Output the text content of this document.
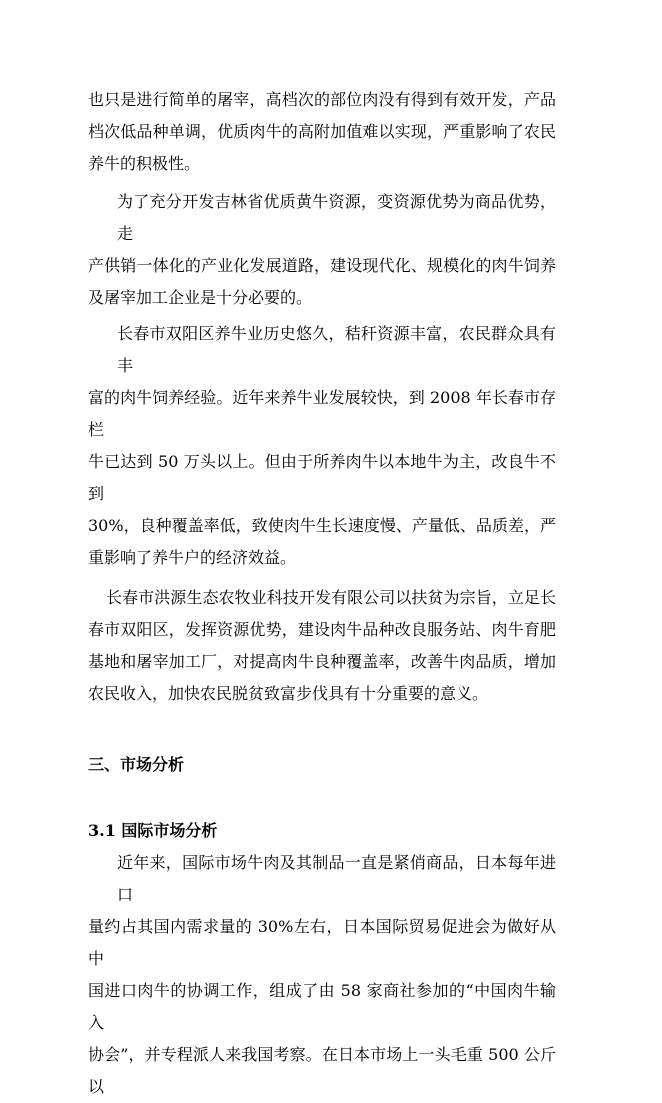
也只是进行简单的屠宰，高档次的部位肉没有得到有效开发，产品
档次低品种单调，优质肉牛的高附加值难以实现，严重影响了农民
养牛的积极性。
为了充分开发吉林省优质黄牛资源，变资源优势为商品优势，走
产供销一体化的产业化发展道路，建设现代化、规模化的肉牛饲养
及屠宰加工企业是十分必要的。
长春市双阳区养牛业历史悠久，秸秆资源丰富，农民群众具有丰
富的肉牛饲养经验。近年来养牛业发展较快，到 2008 年长春市存栏
牛已达到 50 万头以上。但由于所养肉牛以本地牛为主，改良牛不到
30%，良种覆盖率低，致使肉牛生长速度慢、产量低、品质差，严
重影响了养牛户的经济效益。
长春市洪源生态农牧业科技开发有限公司以扶贫为宗旨，立足长
春市双阳区，发挥资源优势，建设肉牛品种改良服务站、肉牛育肥
基地和屠宰加工厂，对提高肉牛良种覆盖率，改善牛肉品质，增加
农民收入，加快农民脱贫致富步伐具有十分重要的意义。
三、市场分析
3.1 国际市场分析
近年来，国际市场牛肉及其制品一直是紧俏商品，日本每年进口
量约占其国内需求量的 30%左右，日本国际贸易促进会为做好从中
国进口肉牛的协调工作，组成了由 58 家商社参加的“中国肉牛输入
协会”，并专程派人来我国考察。在日本市场上一头毛重 500 公斤以
